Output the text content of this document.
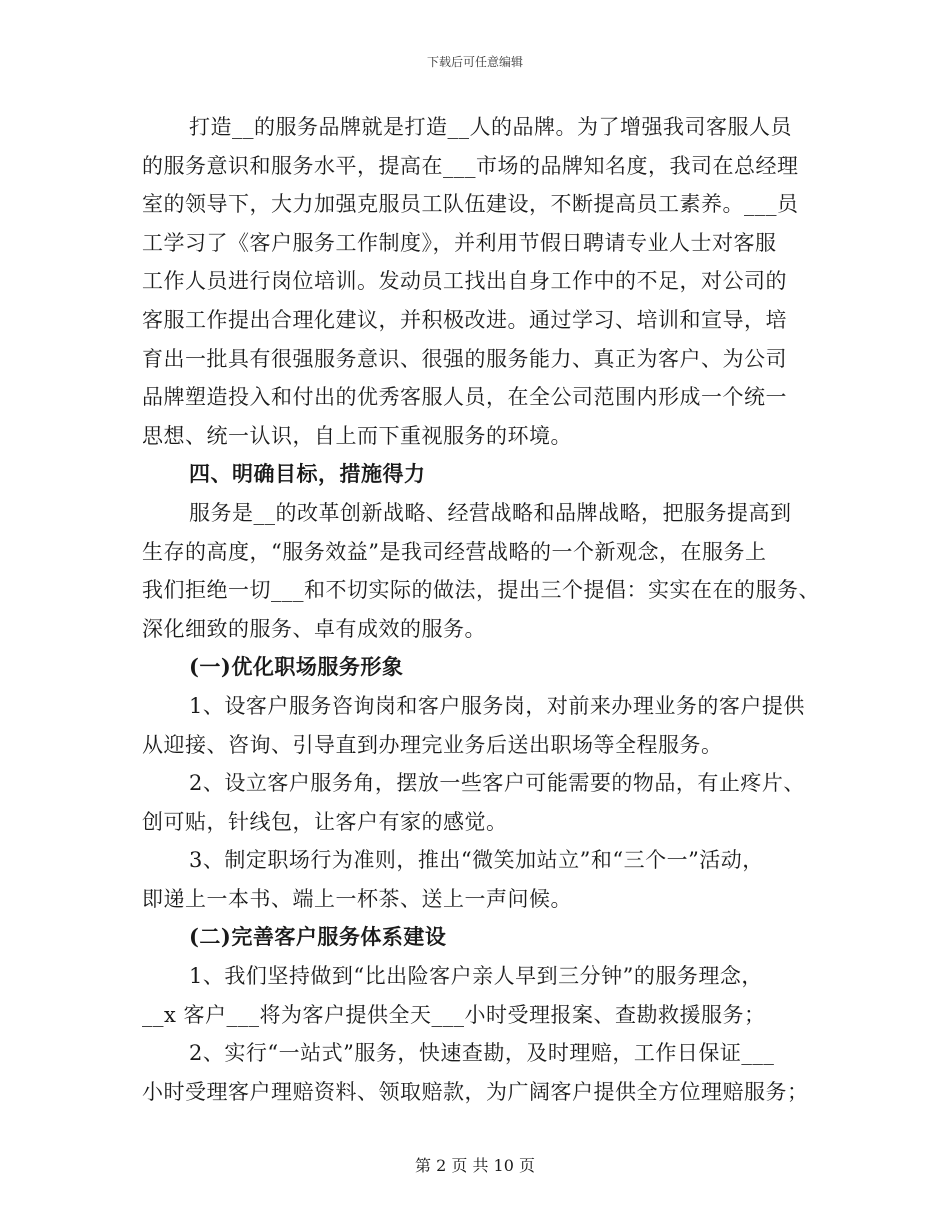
下载后可任意编辑
打造__的服务品牌就是打造__人的品牌。为了增强我司客服人员
的服务意识和服务水平，提高在___市场的品牌知名度，我司在总经理
室的领导下，大力加强克服员工队伍建设，不断提高员工素养。___员
工学习了《客户服务工作制度》，并利用节假日聘请专业人士对客服
工作人员进行岗位培训。发动员工找出自身工作中的不足，对公司的
客服工作提出合理化建议，并积极改进。通过学习、培训和宣导，培
育出一批具有很强服务意识、很强的服务能力、真正为客户、为公司
品牌塑造投入和付出的优秀客服人员，在全公司范围内形成一个统一
思想、统一认识，自上而下重视服务的环境。
四、明确目标，措施得力
服务是__的改革创新战略、经营战略和品牌战略，把服务提高到
生存的高度，“服务效益”是我司经营战略的一个新观念，在服务上
我们拒绝一切___和不切实际的做法，提出三个提倡：实实在在的服务、
深化细致的服务、卓有成效的服务。
(一)优化职场服务形象
1、设客户服务咨询岗和客户服务岗，对前来办理业务的客户提供
从迎接、咨询、引导直到办理完业务后送出职场等全程服务。
2、设立客户服务角，摆放一些客户可能需要的物品，有止疼片、
创可贴，针线包，让客户有家的感觉。
3、制定职场行为准则，推出“微笑加站立”和“三个一”活动，
即递上一本书、端上一杯茶、送上一声问候。
(二)完善客户服务体系建设
1、我们坚持做到“比出险客户亲人早到三分钟”的服务理念，
__x 客户___将为客户提供全天___小时受理报案、查勘救援服务；
2、实行“一站式”服务，快速查勘，及时理赔，工作日保证___
小时受理客户理赔资料、领取赔款，为广阔客户提供全方位理赔服务；
第 2 页 共 10 页
